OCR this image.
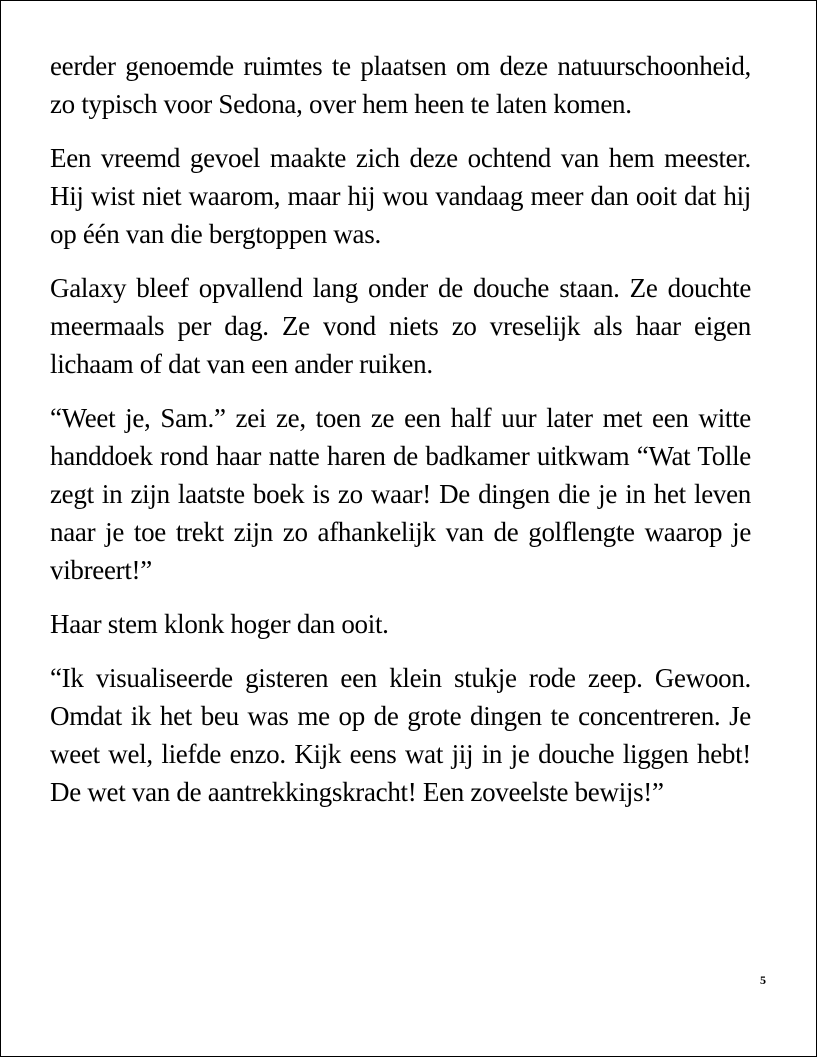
eerder genoemde ruimtes te plaatsen om deze natuurschoonheid, zo typisch voor Sedona, over hem heen te laten komen.

Een vreemd gevoel maakte zich deze ochtend van hem meester. Hij wist niet waarom, maar hij wou vandaag meer dan ooit dat hij op één van die bergtoppen was.

Galaxy bleef opvallend lang onder de douche staan. Ze douchte meermaals per dag. Ze vond niets zo vreselijk als haar eigen lichaam of dat van een ander ruiken.

“Weet je, Sam.” zei ze, toen ze een half uur later met een witte handdoek rond haar natte haren de badkamer uitkwam “Wat Tolle zegt in zijn laatste boek is zo waar! De dingen die je in het leven naar je toe trekt zijn zo afhankelijk van de golflengte waarop je vibreert!”

Haar stem klonk hoger dan ooit.

“Ik visualiseerde gisteren een klein stukje rode zeep. Gewoon. Omdat ik het beu was me op de grote dingen te concentreren. Je weet wel, liefde enzo. Kijk eens wat jij in je douche liggen hebt! De wet van de aantrekkingskracht! Een zoveelste bewijs!”

5
